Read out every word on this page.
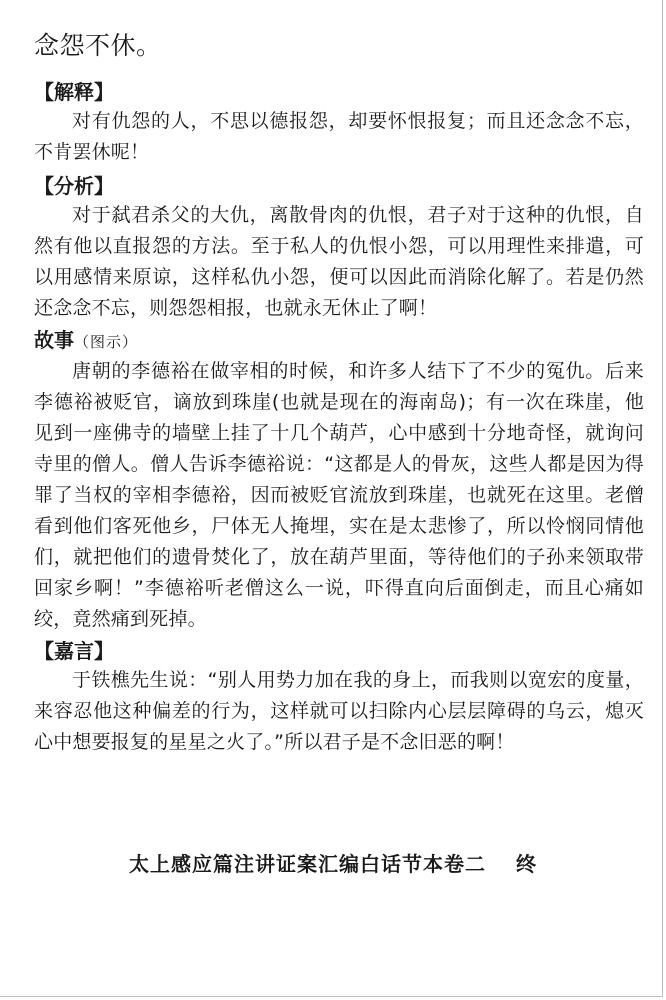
念怨不休。
【解释】

对有仇怨的人，不思以德报怨，却要怀恨报复；而且还念念不忘，不肯罢休呢！

【分析】

对于弑君杀父的大仇，离散骨肉的仇恨，君子对于这种的仇恨，自然有他以直报怨的方法。至于私人的仇恨小怨，可以用理性来排遣，可以用感情来原谅，这样私仇小怨，便可以因此而消除化解了。若是仍然还念念不忘，则怨怨相报，也就永无休止了啊！

故事（图示）

唐朝的李德裕在做宰相的时候，和许多人结下了不少的冤仇。后来李德裕被贬官，谪放到珠崖(也就是现在的海南岛)；有一次在珠崖，他见到一座佛寺的墙壁上挂了十几个葫芦，心中感到十分地奇怪，就询问寺里的僧人。僧人告诉李德裕说：“这都是人的骨灰，这些人都是因为得罪了当权的宰相李德裕，因而被贬官流放到珠崖，也就死在这里。老僧看到他们客死他乡，尸体无人掩埋，实在是太悲惨了，所以怜悯同情他们，就把他们的遗骨焚化了，放在葫芦里面，等待他们的子孙来领取带回家乡啊！”李德裕听老僧这么一说，吓得直向后面倒走，而且心痛如绞，竟然痛到死掉。

【嘉言】

于铁樵先生说：“别人用势力加在我的身上，而我则以宽宏的度量，来容忍他这种偏差的行为，这样就可以扫除内心层层障碍的乌云，熄灭心中想要报复的星星之火了。”所以君子是不念旧恶的啊！

太上感应篇注讲证案汇编白话节本卷二 终
